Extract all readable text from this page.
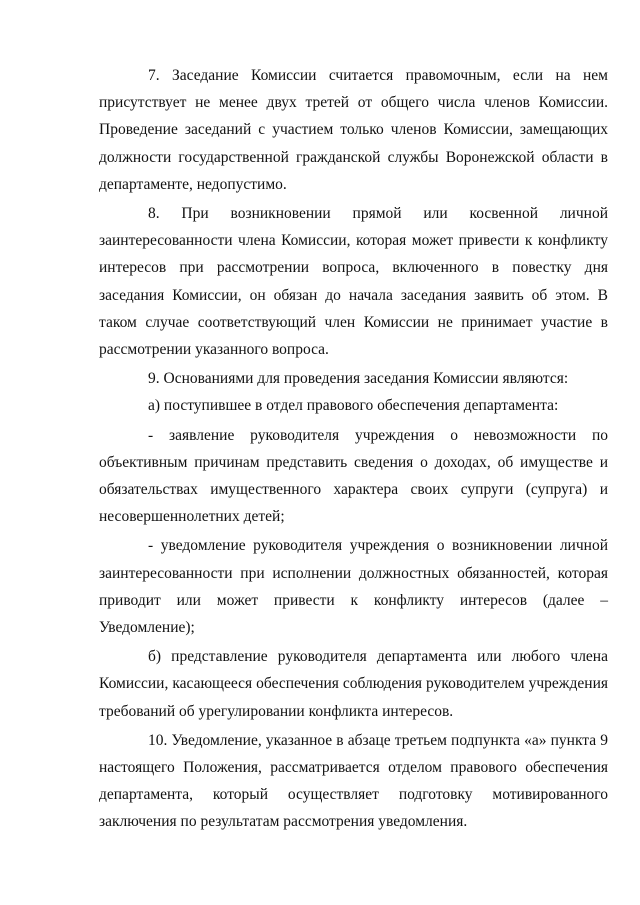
7. Заседание Комиссии считается правомочным, если на нем присутствует не менее двух третей от общего числа членов Комиссии. Проведение заседаний с участием только членов Комиссии, замещающих должности государственной гражданской службы Воронежской области в департаменте, недопустимо.

8. При возникновении прямой или косвенной личной заинтересованности члена Комиссии, которая может привести к конфликту интересов при рассмотрении вопроса, включенного в повестку дня заседания Комиссии, он обязан до начала заседания заявить об этом. В таком случае соответствующий член Комиссии не принимает участие в рассмотрении указанного вопроса.

9. Основаниями для проведения заседания Комиссии являются:

а) поступившее в отдел правового обеспечения департамента:

- заявление руководителя учреждения о невозможности по объективным причинам представить сведения о доходах, об имуществе и обязательствах имущественного характера своих супруги (супруга) и несовершеннолетних детей;

- уведомление руководителя учреждения о возникновении личной заинтересованности при исполнении должностных обязанностей, которая приводит или может привести к конфликту интересов (далее – Уведомление);

б) представление руководителя департамента или любого члена Комиссии, касающееся обеспечения соблюдения руководителем учреждения требований об урегулировании конфликта интересов.

10. Уведомление, указанное в абзаце третьем подпункта «а» пункта 9 настоящего Положения, рассматривается отделом правового обеспечения департамента, который осуществляет подготовку мотивированного заключения по результатам рассмотрения уведомления.
